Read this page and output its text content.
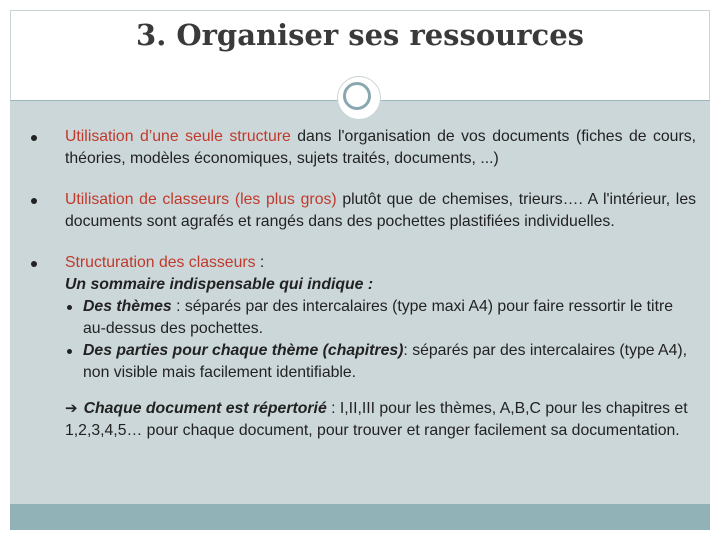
3. Organiser ses ressources
Utilisation d’une seule structure dans l'organisation de vos documents (fiches de cours, théories, modèles économiques, sujets traités, documents, ...)
Utilisation de classeurs (les plus gros) plutôt que de chemises, trieurs…. A l'intérieur, les documents sont agrafés et rangés dans des pochettes plastifiées individuelles.
Structuration des classeurs :
Un sommaire indispensable qui indique :
Des thèmes : séparés par des intercalaires (type maxi A4) pour faire ressortir le titre au-dessus des pochettes.
Des parties pour chaque thème (chapitres): séparés par des intercalaires (type A4), non visible mais facilement identifiable.
➔ Chaque document est répertorié : I,II,III pour les thèmes, A,B,C pour les chapitres et 1,2,3,4,5… pour chaque document, pour trouver et ranger facilement sa documentation.
